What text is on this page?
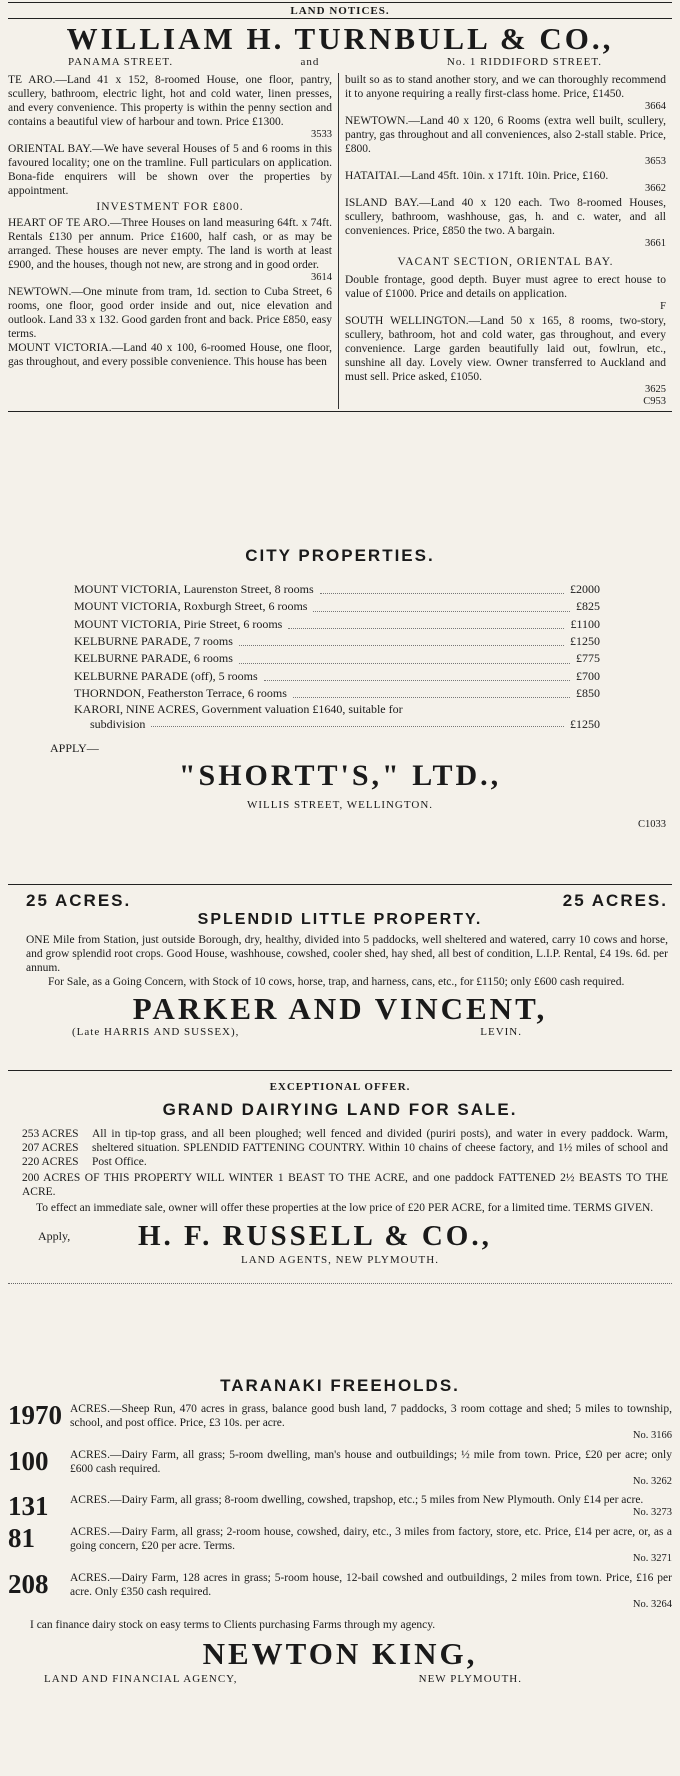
LAND NOTICES.
WILLIAM H. TURNBULL & CO.,
PANAMA STREET.	and	No. 1 RIDDIFORD STREET.

TE ARO.—Land 41 x 152, 8-roomed House, one floor, pantry, scullery, bathroom, electric light, hot and cold water, linen presses, and every convenience. This property is within the penny section and contains a beautiful view of harbour and town. Price £1300.

3533

ORIENTAL BAY.—We have several Houses of 5 and 6 rooms in this favoured locality; one on the tramline. Full particulars on application. Bona-fide enquirers will be shown over the properties by appointment.

INVESTMENT FOR £800.

HEART OF TE ARO.—Three Houses on land measuring 64ft. x 74ft. Rentals £130 per annum. Price £1600, half cash, or as may be arranged. These houses are never empty. The land is worth at least £900, and the houses, though not new, are strong and in good order.

3614

NEWTOWN.—One minute from tram, 1d. section to Cuba Street, 6 rooms, one floor, good order inside and out, nice elevation and outlook. Land 33 x 132. Good garden front and back. Price £850, easy terms.

MOUNT VICTORIA.—Land 40 x 100, 6-roomed House, one floor, gas throughout, and every possible convenience. This house has been

built so as to stand another story, and we can thoroughly recommend it to anyone requiring a really first-class home. Price, £1450.

3664

NEWTOWN.—Land 40 x 120, 6 Rooms (extra well built, scullery, pantry, gas throughout and all conveniences, also 2-stall stable. Price, £800.

3653

HATAITAI.—Land 45ft. 10in. x 171ft. 10in. Price, £160.

3662

ISLAND BAY.—Land 40 x 120 each. Two 8-roomed Houses, scullery, bathroom, washhouse, gas, h. and c. water, and all conveniences. Price, £850 the two. A bargain.

3661
VACANT SECTION, ORIENTAL BAY.

Double frontage, good depth. Buyer must agree to erect house to value of £1000. Price and details on application.

F

SOUTH WELLINGTON.—Land 50 x 165, 8 rooms, two-story, scullery, bathroom, hot and cold water, gas throughout, and every convenience. Large garden beautifully laid out, fowlrun, etc., sunshine all day. Lovely view. Owner transferred to Auckland and must sell. Price asked, £1050.

3625
C953
CITY PROPERTIES.
MOUNT VICTORIA, Laurenston Street, 8 rooms	£2000
MOUNT VICTORIA, Roxburgh Street, 6 rooms	£825
MOUNT VICTORIA, Pirie Street, 6 rooms	£1100
KELBURNE PARADE, 7 rooms	£1250
KELBURNE PARADE, 6 rooms	£775
KELBURNE PARADE (off), 5 rooms	£700
THORNDON, Featherston Terrace, 6 rooms	£850
KARORI, NINE ACRES, Government valuation £1640, suitable for
subdivision	£1250
APPLY—
"SHORTT'S," LTD.,
WILLIS STREET, WELLINGTON.
C1033
25 ACRES.	25 ACRES.
SPLENDID LITTLE PROPERTY.

ONE Mile from Station, just outside Borough, dry, healthy, divided into 5 paddocks, well sheltered and watered, carry 10 cows and horse, and grow splendid root crops. Good House, washhouse, cowshed, cooler shed, hay shed, all best of condition, L.I.P. Rental, £4 19s. 6d. per annum.

For Sale, as a Going Concern, with Stock of 10 cows, horse, trap, and harness, cans, etc., for £1150; only £600 cash required.

PARKER AND VINCENT,
(Late HARRIS AND SUSSEX),	LEVIN.
EXCEPTIONAL OFFER.
GRAND DAIRYING LAND FOR SALE.
253 ACRES
207 ACRES
220 ACRES

All in tip-top grass, and all been ploughed; well fenced and divided (puriri posts), and water in every paddock. Warm, sheltered situation. SPLENDID FATTENING COUNTRY. Within 10 chains of cheese factory, and 1½ miles of school and Post Office.

200 ACRES OF THIS PROPERTY WILL WINTER 1 BEAST TO THE ACRE, and one paddock FATTENED 2½ BEASTS TO THE ACRE.

To effect an immediate sale, owner will offer these properties at the low price of £20 PER ACRE, for a limited time. TERMS GIVEN.

Apply,	H. F. RUSSELL & CO.,
LAND AGENTS, NEW PLYMOUTH.
TARANAKI FREEHOLDS.
1970 ACRES.—Sheep Run, 470 acres in grass, balance good bush land, 7 paddocks, 3 room cottage and shed; 5 miles to township, school, and post office. Price, £3 10s. per acre.

No. 3166
100	ACRES.—Dairy Farm, all grass; 5-room dwelling, man's house and outbuildings; ½ mile from town. Price, £20 per acre; only £600 cash required.

No. 3262
131	ACRES.—Dairy Farm, all grass; 8-room dwelling, cowshed, trapshop, etc.; 5 miles from New Plymouth. Only £14 per acre.

No. 3273
81	ACRES.—Dairy Farm, all grass; 2-room house, cowshed, dairy, etc., 3 miles from factory, store, etc. Price, £14 per acre, or, as a going concern, £20 per acre. Terms.

No. 3271
208	ACRES.—Dairy Farm, 128 acres in grass; 5-room house, 12-bail cowshed and outbuildings, 2 miles from town. Price, £16 per acre. Only £350 cash required.

No. 3264

I can finance dairy stock on easy terms to Clients purchasing Farms through my agency.

NEWTON KING,
LAND AND FINANCIAL AGENCY,	NEW PLYMOUTH.
